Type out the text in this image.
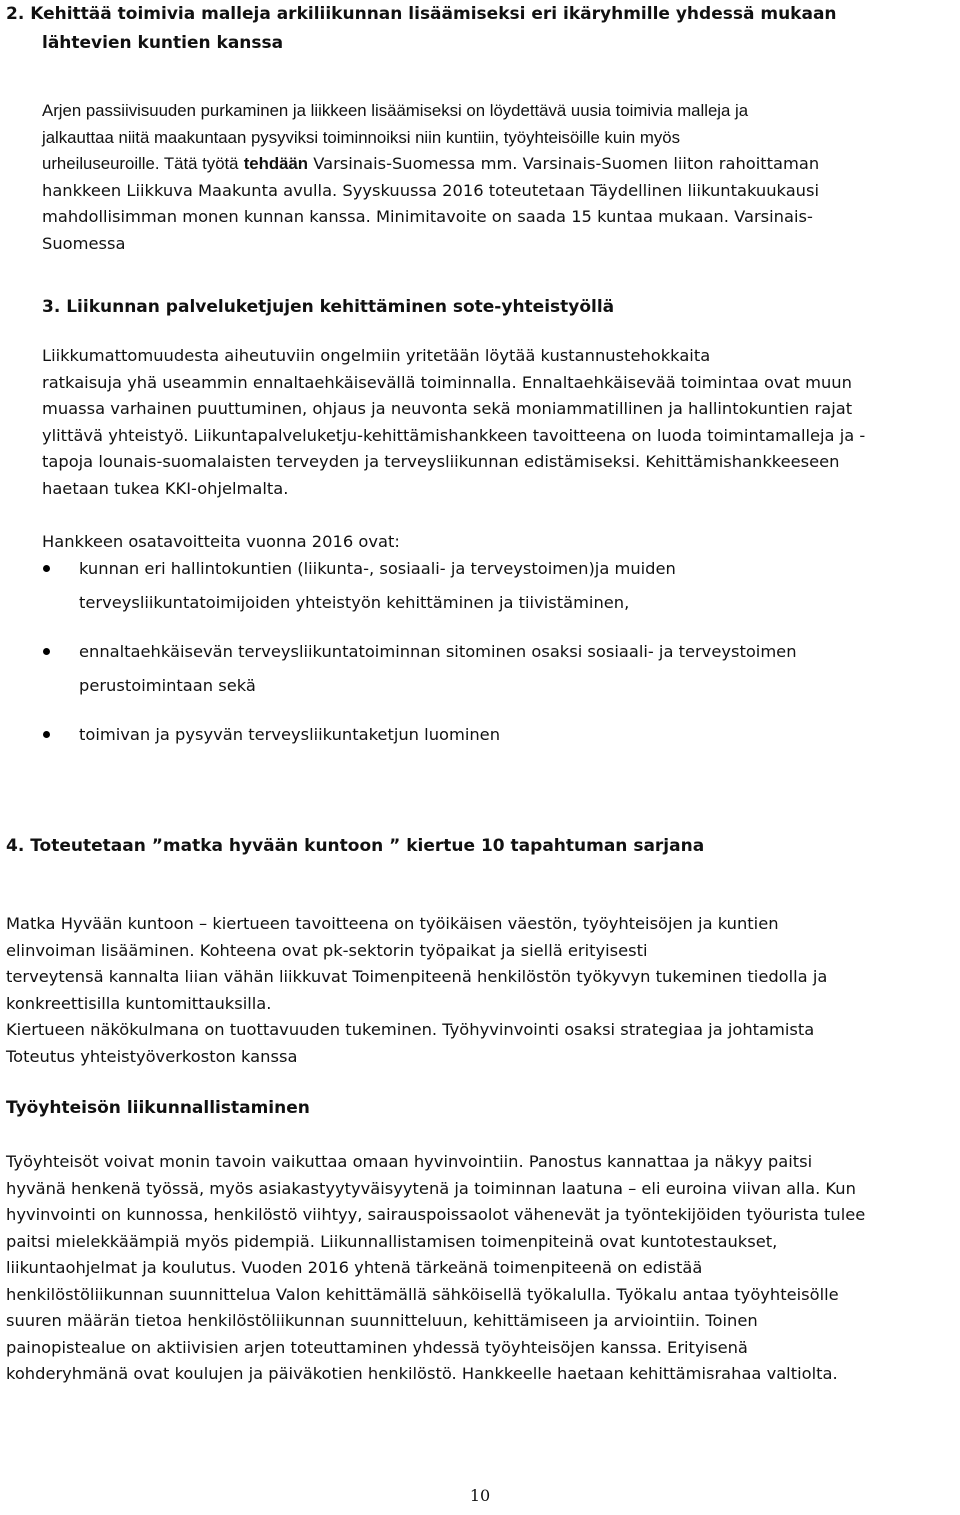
2. Kehittää toimivia malleja arkiliikunnan lisäämiseksi eri ikäryhmille yhdessä mukaan
lähtevien kuntien kanssa
Arjen passiivisuuden purkaminen ja liikkeen lisäämiseksi on löydettävä uusia toimivia malleja ja
jalkauttaa niitä maakuntaan pysyviksi toiminnoiksi niin kuntiin, työyhteisöille kuin myös
urheiluseuroille. Tätä työtä tehdään Varsinais-Suomessa mm. Varsinais-Suomen liiton rahoittaman
hankkeen Liikkuva Maakunta avulla. Syyskuussa 2016 toteutetaan Täydellinen liikuntakuukausi
mahdollisimman monen kunnan kanssa. Minimitavoite on saada 15 kuntaa mukaan. Varsinais-
Suomessa
3. Liikunnan palveluketjujen kehittäminen sote-yhteistyöllä
Liikkumattomuudesta aiheutuviin ongelmiin yritetään löytää kustannustehokkaita
ratkaisuja yhä useammin ennaltaehkäisevällä toiminnalla. Ennaltaehkäisevää toimintaa ovat muun
muassa varhainen puuttuminen, ohjaus ja neuvonta sekä moniammatillinen ja hallintokuntien rajat
ylittävä yhteistyö. Liikuntapalveluketju-kehittämishankkeen tavoitteena on luoda toimintamalleja ja -
tapoja lounais-suomalaisten terveyden ja terveysliikunnan edistämiseksi. Kehittämishankkeeseen
haetaan tukea KKI-ohjelmalta.
Hankkeen osatavoitteita vuonna 2016 ovat:
kunnan eri hallintokuntien (liikunta-, sosiaali- ja terveystoimen)ja muiden
terveysliikuntatoimijoiden yhteistyön kehittäminen ja tiivistäminen,
ennaltaehkäisevän terveysliikuntatoiminnan sitominen osaksi sosiaali- ja terveystoimen
perustoimintaan sekä
toimivan ja pysyvän terveysliikuntaketjun luominen
4. Toteutetaan ”matka hyvään kuntoon ” kiertue 10 tapahtuman sarjana
Matka Hyvään kuntoon – kiertueen tavoitteena on työikäisen väestön, työyhteisöjen ja kuntien
elinvoiman lisääminen. Kohteena ovat pk-sektorin työpaikat ja siellä erityisesti
terveytensä kannalta liian vähän liikkuvat Toimenpiteenä henkilöstön työkyvyn tukeminen tiedolla ja
konkreettisilla kuntomittauksilla.
Kiertueen näkökulmana on tuottavuuden tukeminen. Työhyvinvointi osaksi strategiaa ja johtamista
Toteutus yhteistyöverkoston kanssa
Työyhteisön liikunnallistaminen
Työyhteisöt voivat monin tavoin vaikuttaa omaan hyvinvointiin. Panostus kannattaa ja näkyy paitsi
hyvänä henkenä työssä, myös asiakastyytyväisyytenä ja toiminnan laatuna – eli euroina viivan alla. Kun
hyvinvointi on kunnossa, henkilöstö viihtyy, sairauspoissaolot vähenevät ja työntekijöiden työurista tulee
paitsi mielekkäämpiä myös pidempiä. Liikunnallistamisen toimenpiteinä ovat kuntotestaukset,
liikuntaohjelmat ja koulutus. Vuoden 2016 yhtenä tärkeänä toimenpiteenä on edistää
henkilöstöliikunnan suunnittelua Valon kehittämällä sähköisellä työkalulla. Työkalu antaa työyhteisölle
suuren määrän tietoa henkilöstöliikunnan suunnitteluun, kehittämiseen ja arviointiin. Toinen
painopistealue on aktiivisien arjen toteuttaminen yhdessä työyhteisöjen kanssa. Erityisenä
kohderyhmänä ovat koulujen ja päiväkotien henkilöstö. Hankkeelle haetaan kehittämisrahaa valtiolta.
10
